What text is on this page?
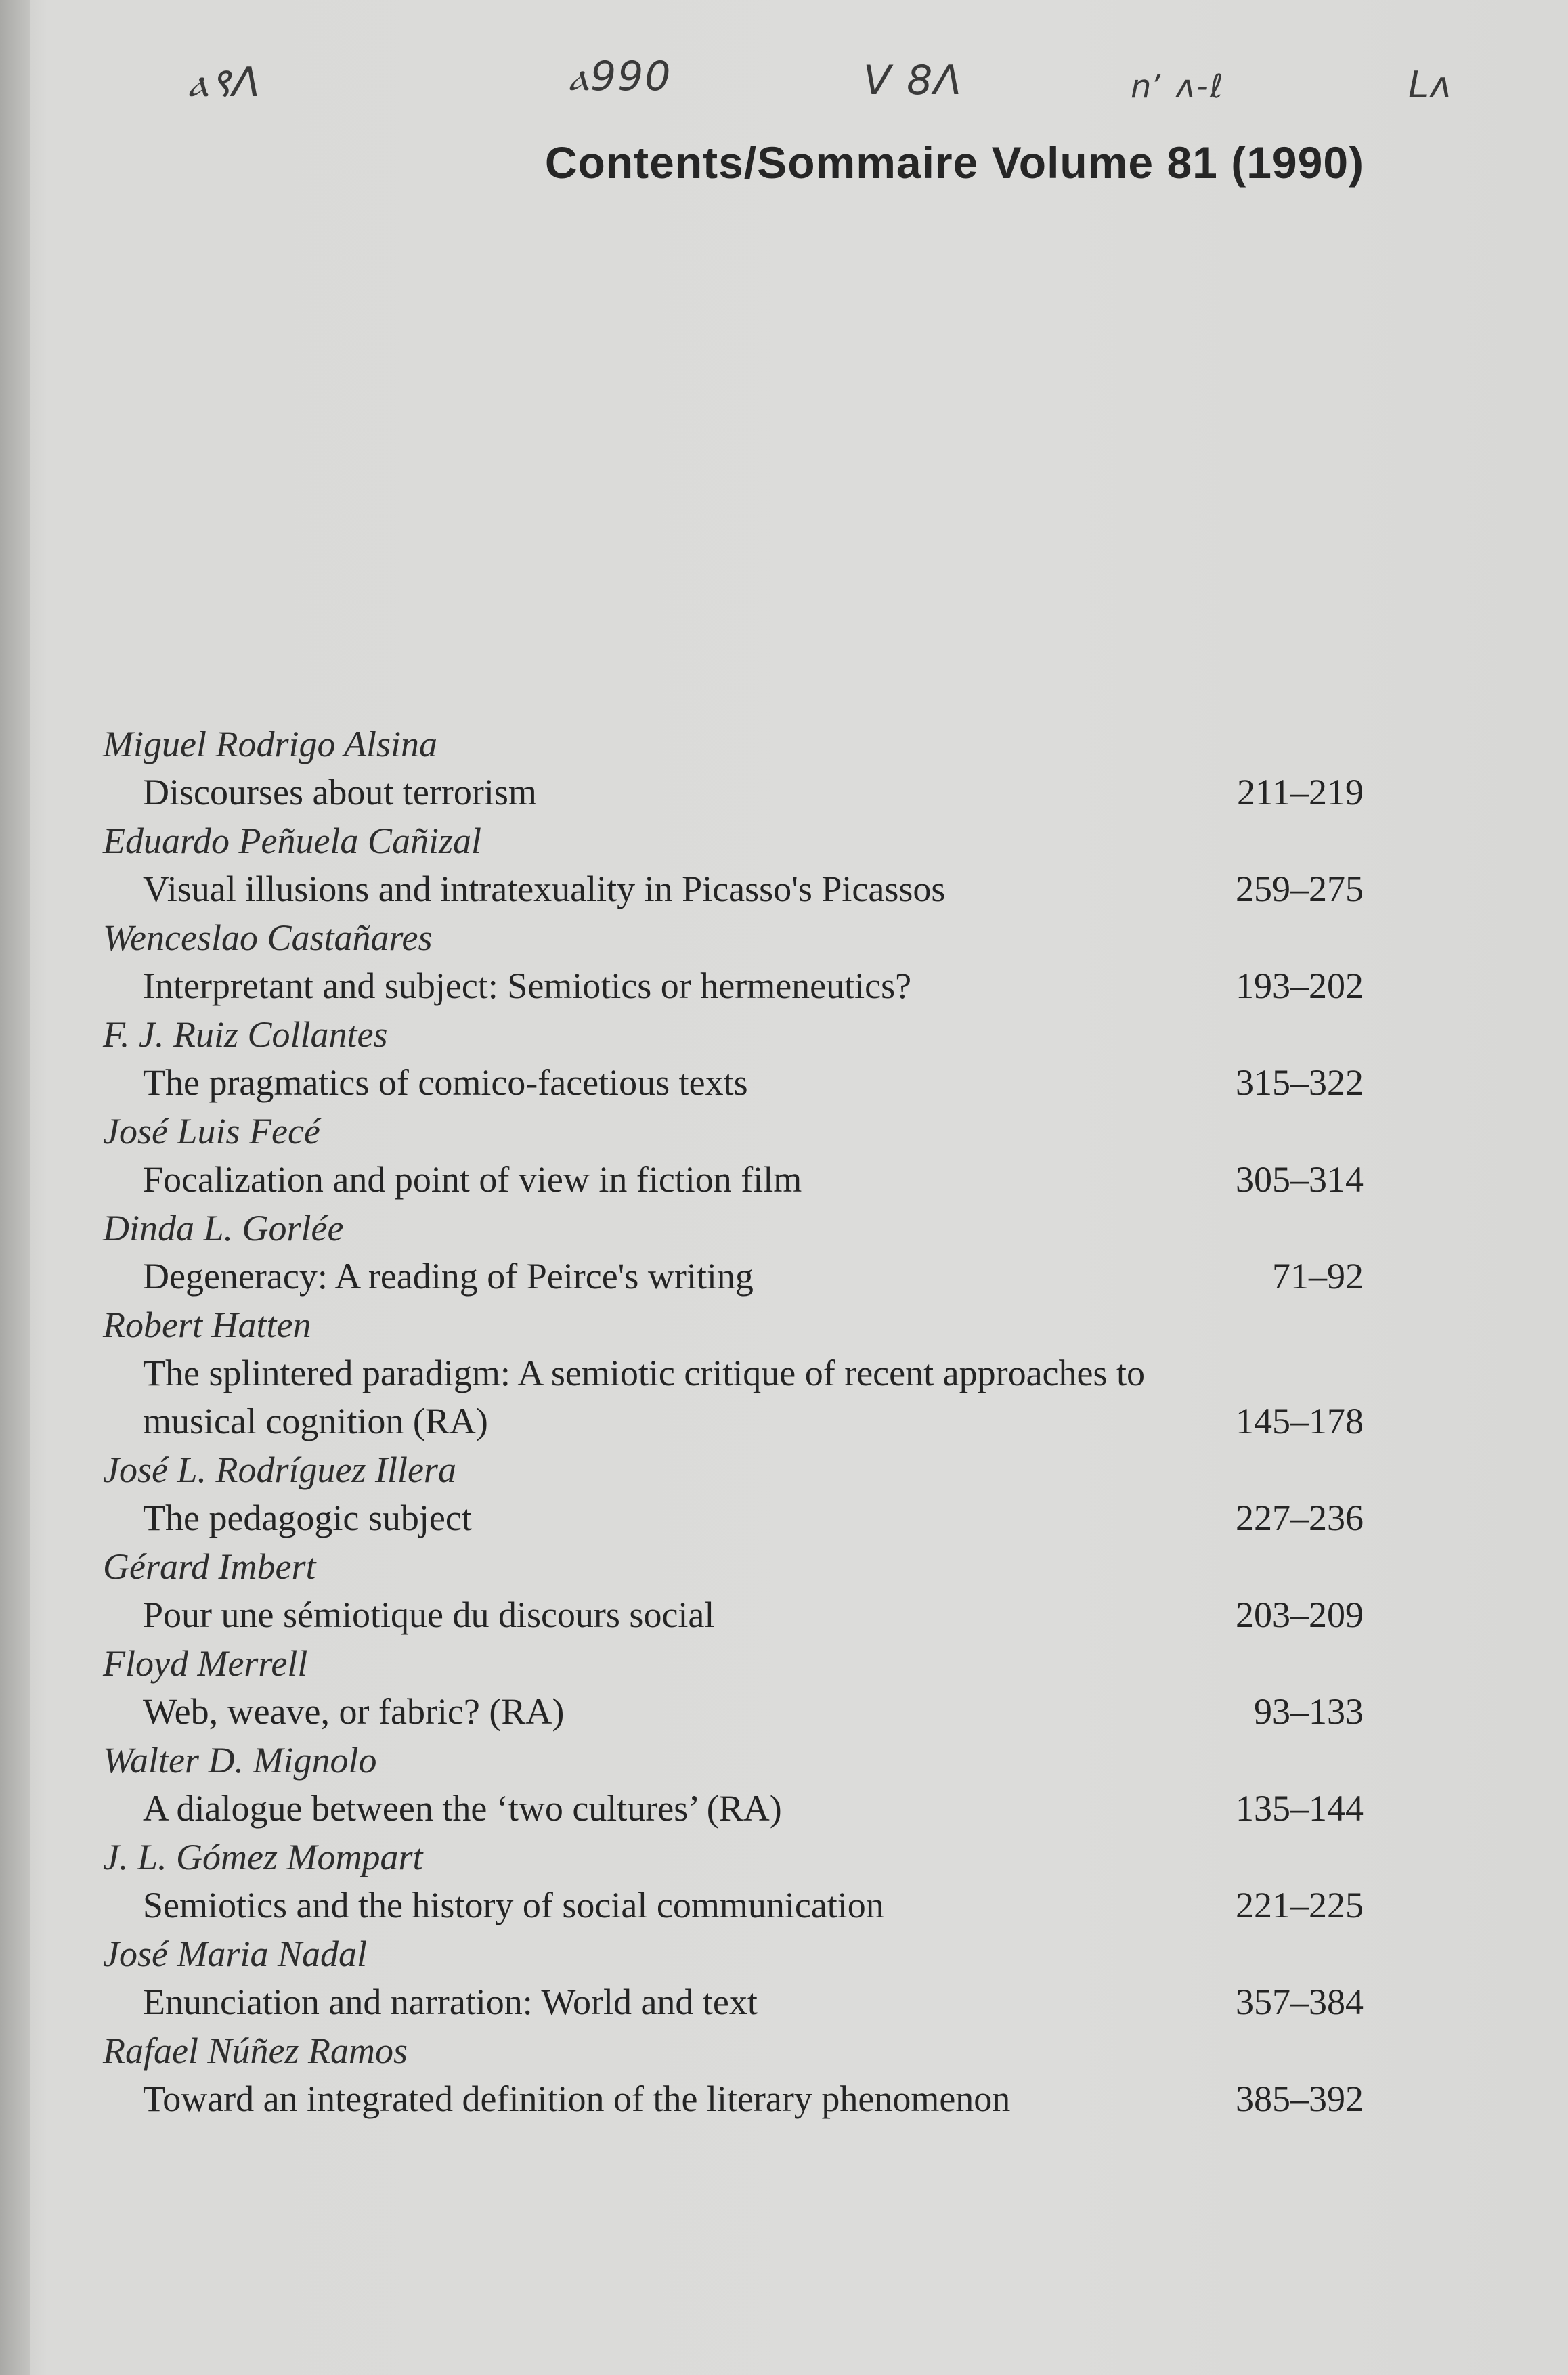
ⲁ९ꓥ	ⲁ990	V 8ꓥ	nʼ ʌ-ℓ	Lʌ
Contents/Sommaire Volume 81 (1990)
Miguel Rodrigo Alsina
Discourses about terrorism	211–219
Eduardo Peñuela Cañizal
Visual illusions and intratexuality in Picasso's Picassos	259–275
Wenceslao Castañares
Interpretant and subject: Semiotics or hermeneutics?	193–202
F. J. Ruiz Collantes
The pragmatics of comico-facetious texts	315–322
José Luis Fecé
Focalization and point of view in fiction film	305–314
Dinda L. Gorlée
Degeneracy: A reading of Peirce's writing	71–92
Robert Hatten
The splintered paradigm: A semiotic critique of recent approaches to musical cognition (RA)	145–178
José L. Rodríguez Illera
The pedagogic subject	227–236
Gérard Imbert
Pour une sémiotique du discours social	203–209
Floyd Merrell
Web, weave, or fabric? (RA)	93–133
Walter D. Mignolo
A dialogue between the ‘two cultures’ (RA)	135–144
J. L. Gómez Mompart
Semiotics and the history of social communication	221–225
José Maria Nadal
Enunciation and narration: World and text	357–384
Rafael Núñez Ramos
Toward an integrated definition of the literary phenomenon	385–392
